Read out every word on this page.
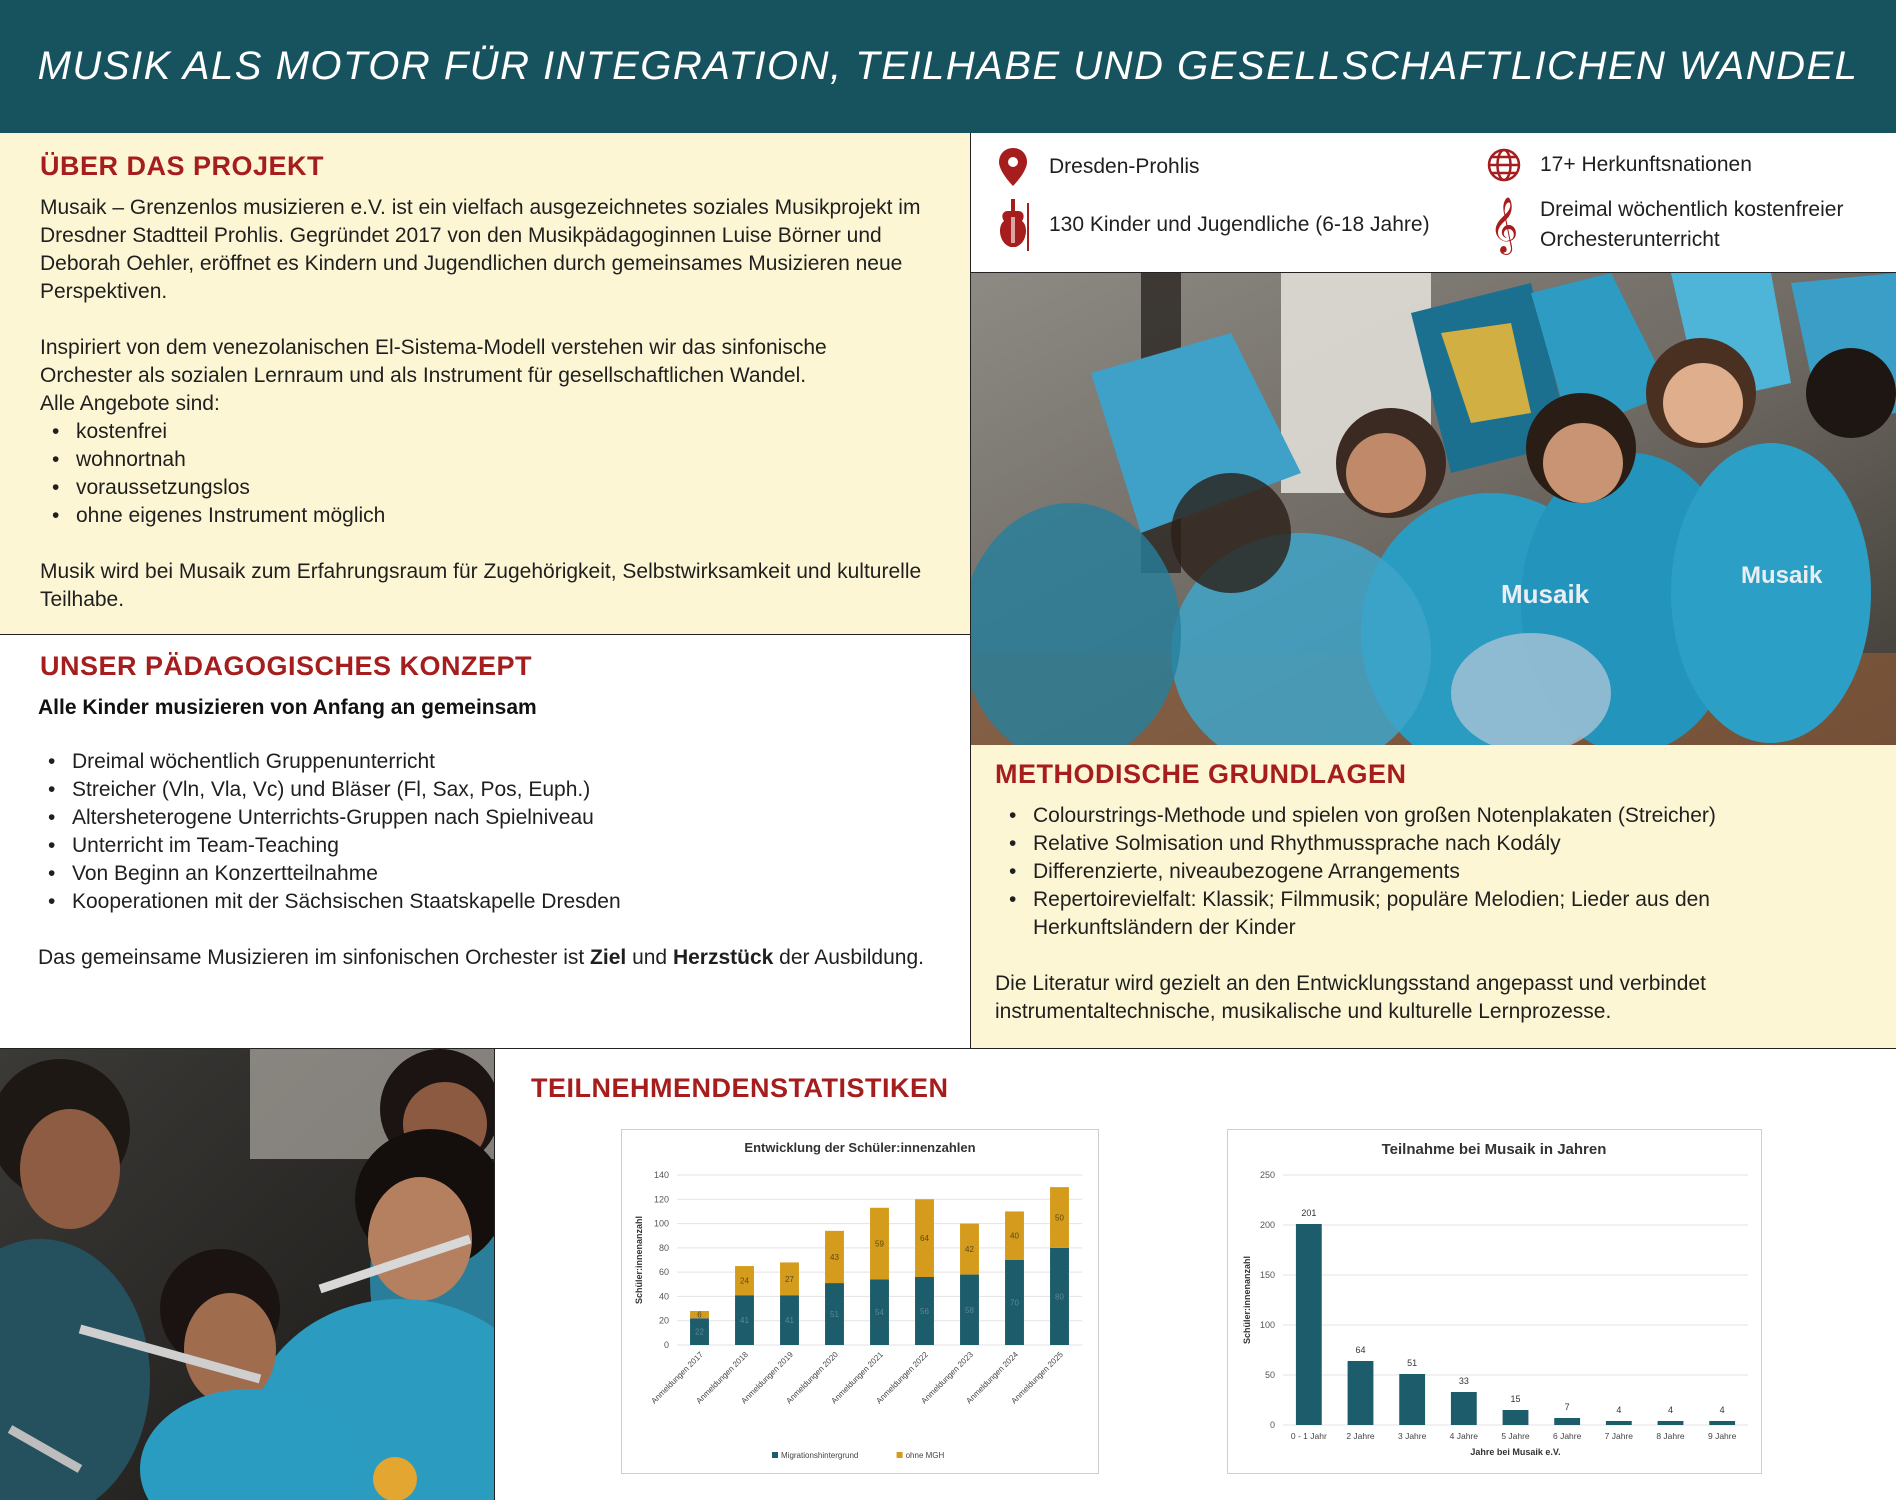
MUSIK ALS MOTOR FÜR INTEGRATION, TEILHABE UND GESELLSCHAFTLICHEN WANDEL
ÜBER DAS PROJEKT
Musaik – Grenzenlos musizieren e.V. ist ein vielfach ausgezeichnetes soziales Musikprojekt im
Dresdner Stadtteil Prohlis. Gegründet 2017 von den Musikpädagoginnen Luise Börner und
Deborah Oehler, eröffnet es Kindern und Jugendlichen durch gemeinsames Musizieren neue
Perspektiven.
Inspiriert von dem venezolanischen El-Sistema-Modell verstehen wir das sinfonische
Orchester als sozialen Lernraum und als Instrument für gesellschaftlichen Wandel.
Alle Angebote sind:
• kostenfrei
• wohnortnah
• voraussetzungslos
• ohne eigenes Instrument möglich
Musik wird bei Musaik zum Erfahrungsraum für Zugehörigkeit, Selbstwirksamkeit und kulturelle
Teilhabe.
Dresden-Prohlis	17+ Herkunftsnationen
130 Kinder und Jugendliche (6-18 Jahre) 𝄞 Dreimal wöchentlich kostenfreier
Orchesterunterricht
Musaik
Musaik
UNSER PÄDAGOGISCHES KONZEPT
Alle Kinder musizieren von Anfang an gemeinsam
• Dreimal wöchentlich Gruppenunterricht
• Streicher (Vln, Vla, Vc) und Bläser (Fl, Sax, Pos, Euph.)
• Altersheterogene Unterrichts-Gruppen nach Spielniveau
• Unterricht im Team-Teaching
• Von Beginn an Konzertteilnahme
• Kooperationen mit der Sächsischen Staatskapelle Dresden
Das gemeinsame Musizieren im sinfonischen Orchester ist Ziel und Herzstück der Ausbildung.
METHODISCHE GRUNDLAGEN
• Colourstrings-Methode und spielen von großen Notenplakaten (Streicher)
• Relative Solmisation und Rhythmussprache nach Kodály
• Differenzierte, niveaubezogene Arrangements
• Repertoirevielfalt: Klassik; Filmmusik; populäre Melodien; Lieder aus den Herkunftsländern der Kinder
Die Literatur wird gezielt an den Entwicklungsstand angepasst und verbindet
instrumentaltechnische, musikalische und kulturelle Lernprozesse.
TEILNEHMENDENSTATISTIKEN
Entwicklung der Schüler:innenzahlen
0
20
40
60
80
100
120
140
Schüler:innenanzahl
22
6
Anmeldungen 2017
41
24
Anmeldungen 2018
41
27
Anmeldungen 2019
51
43
Anmeldungen 2020
54
59
Anmeldungen 2021
56
64
Anmeldungen 2022
58
42
Anmeldungen 2023
70
40
Anmeldungen 2024
80
50
Anmeldungen 2025
Migrationshintergrund	ohne MGH
Teilnahme bei Musaik in Jahren
0
50
100
150
200
250
Schüler:innenanzahl
201
0 - 1 Jahr
64
2 Jahre
51
3 Jahre
33
4 Jahre
15
5 Jahre
7
6 Jahre
4
7 Jahre
4
8 Jahre
4
9 Jahre
Jahre bei Musaik e.V.
